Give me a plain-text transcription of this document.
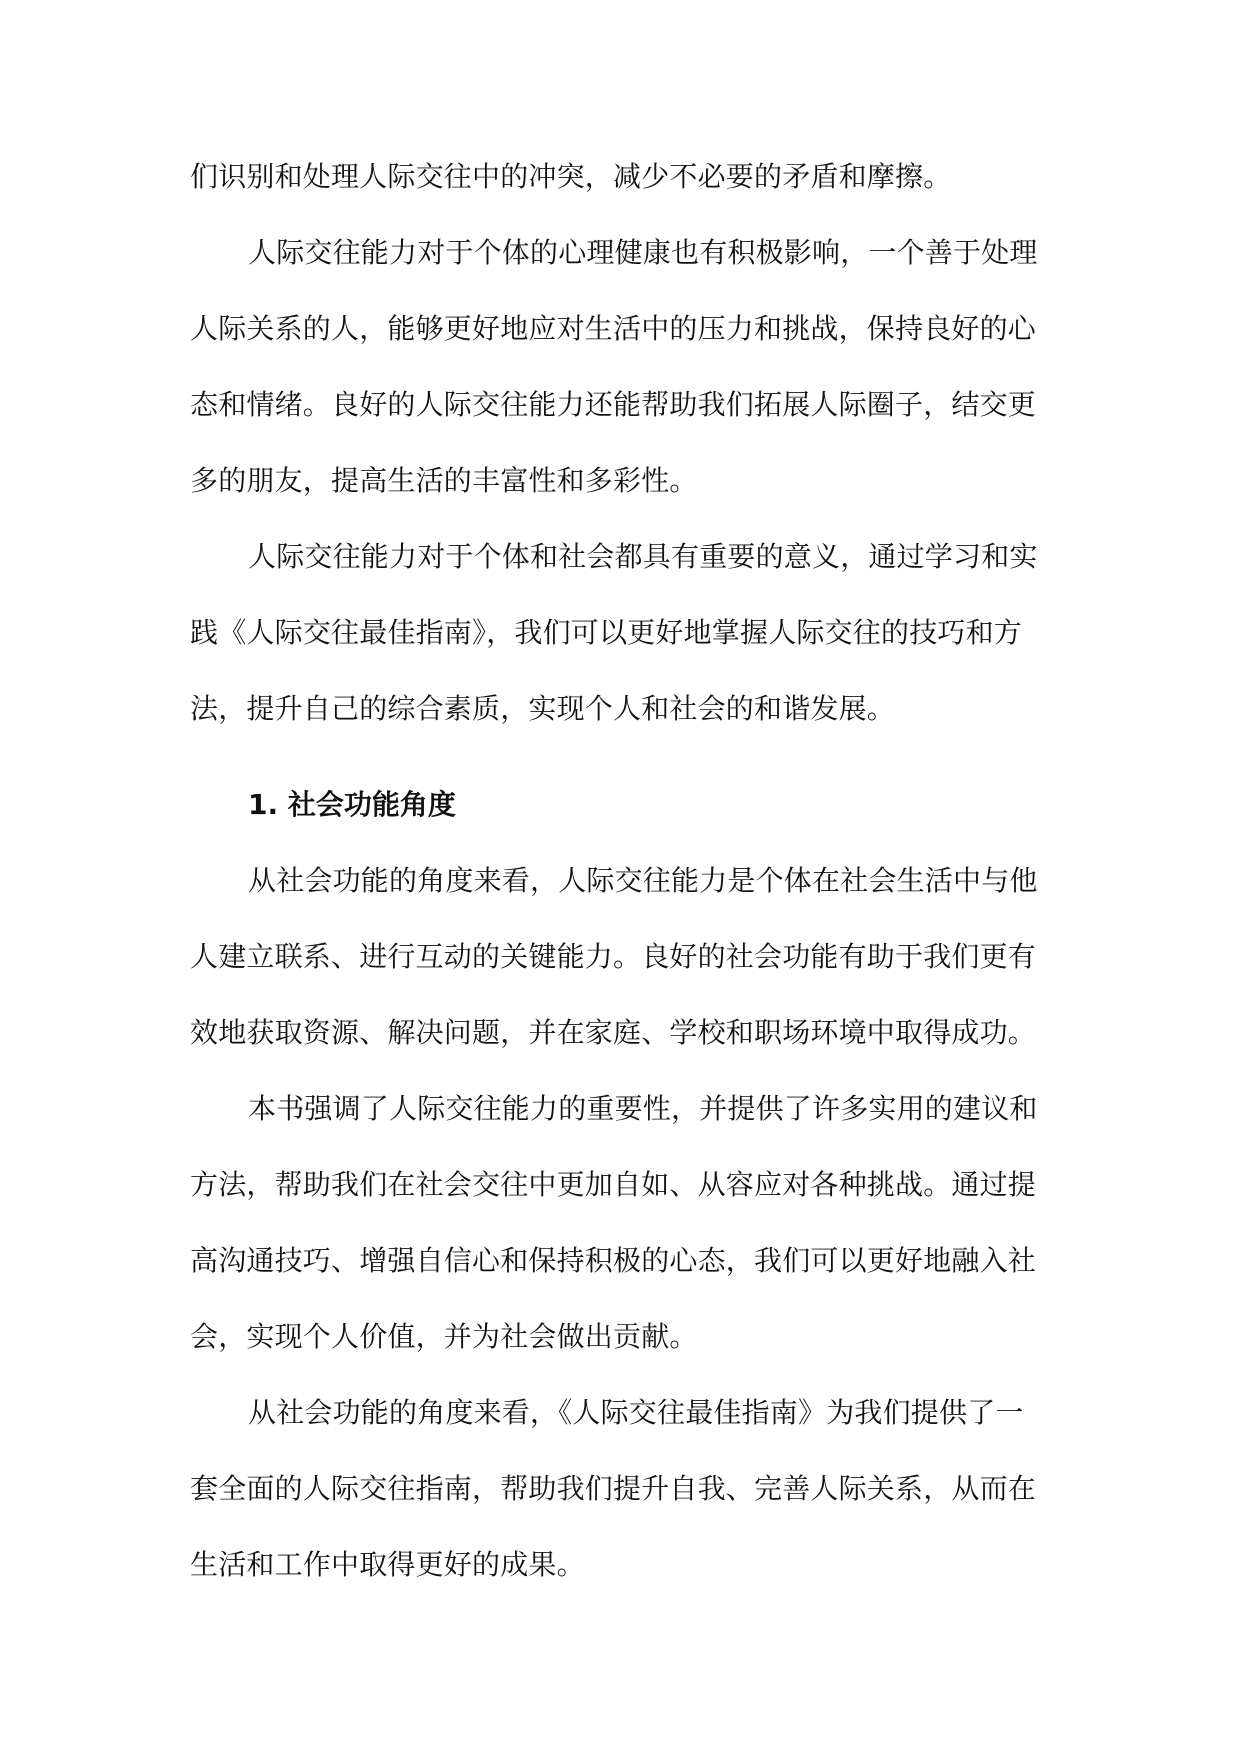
们识别和处理人际交往中的冲突，减少不必要的矛盾和摩擦。

人际交往能力对于个体的心理健康也有积极影响，一个善于处理
人际关系的人，能够更好地应对生活中的压力和挑战，保持良好的心
态和情绪。良好的人际交往能力还能帮助我们拓展人际圈子，结交更
多的朋友，提高生活的丰富性和多彩性。

人际交往能力对于个体和社会都具有重要的意义，通过学习和实
践《人际交往最佳指南》，我们可以更好地掌握人际交往的技巧和方
法，提升自己的综合素质，实现个人和社会的和谐发展。

1. 社会功能角度

从社会功能的角度来看，人际交往能力是个体在社会生活中与他
人建立联系、进行互动的关键能力。良好的社会功能有助于我们更有
效地获取资源、解决问题，并在家庭、学校和职场环境中取得成功。

本书强调了人际交往能力的重要性，并提供了许多实用的建议和
方法，帮助我们在社会交往中更加自如、从容应对各种挑战。通过提
高沟通技巧、增强自信心和保持积极的心态，我们可以更好地融入社
会，实现个人价值，并为社会做出贡献。

从社会功能的角度来看，《人际交往最佳指南》为我们提供了一
套全面的人际交往指南，帮助我们提升自我、完善人际关系，从而在
生活和工作中取得更好的成果。
